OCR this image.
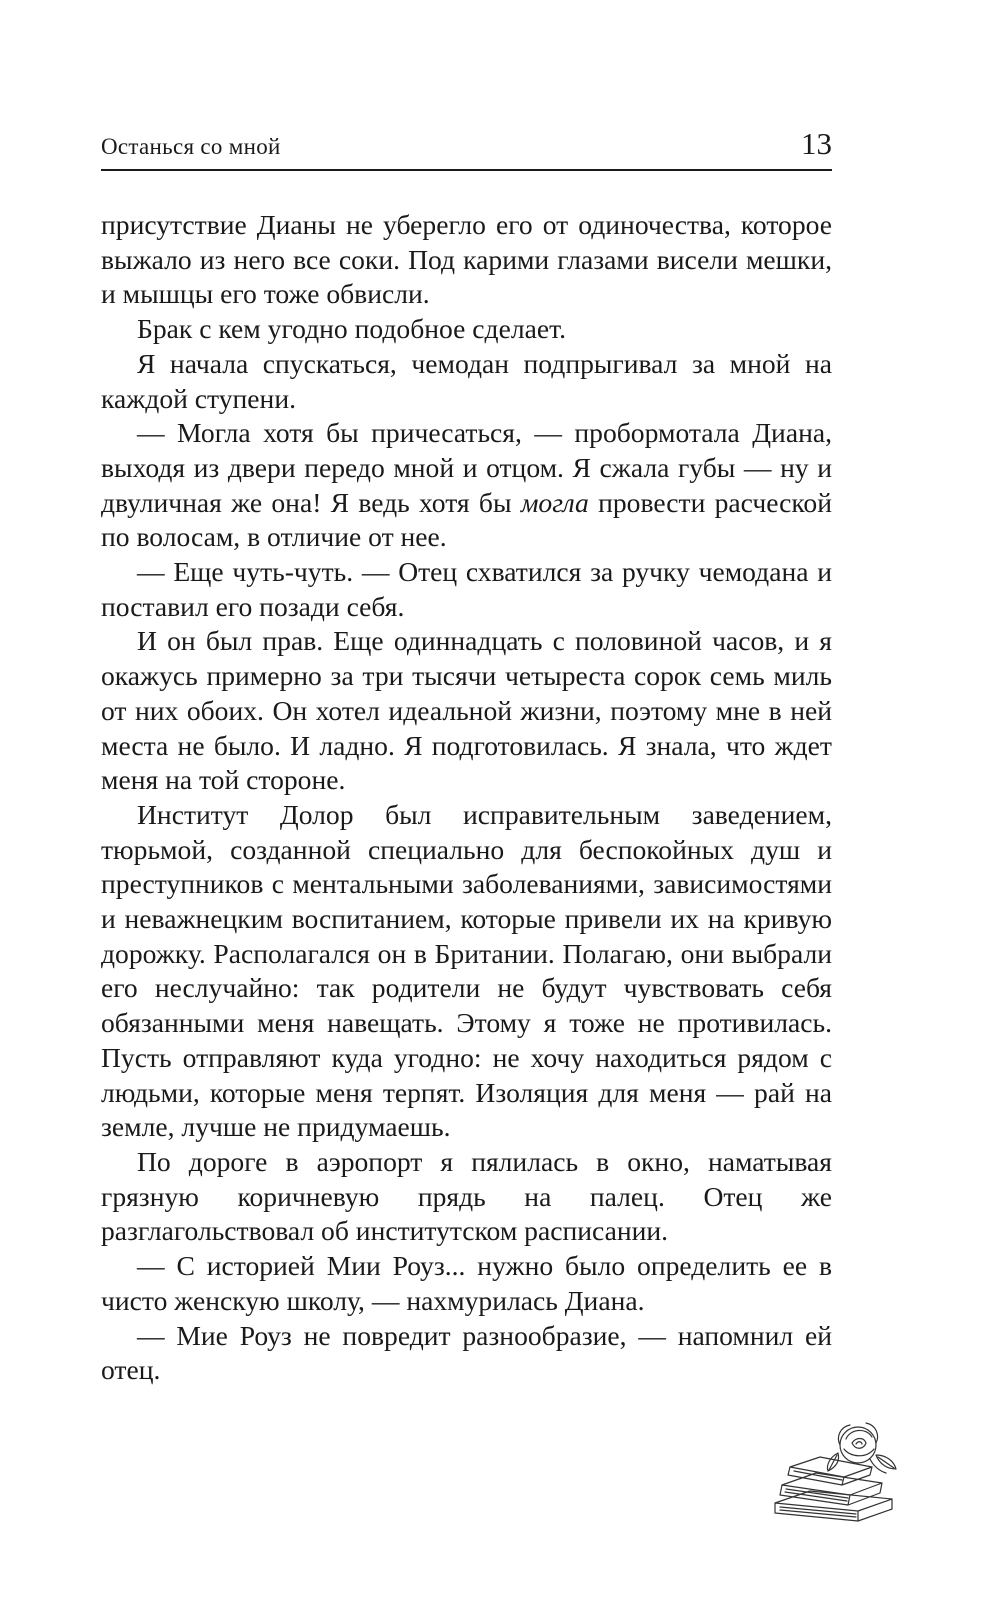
Останься со мной	13

присутствие Дианы не уберегло его от одиночества, которое выжало из него все соки. Под карими глазами висели мешки, и мышцы его тоже обвисли.

Брак с кем угодно подобное сделает.

Я начала спускаться, чемодан подпрыгивал за мной на каждой ступени.

— Могла хотя бы причесаться, — пробормотала Диана, выходя из двери передо мной и отцом. Я сжала губы — ну и двуличная же она! Я ведь хотя бы могла провести расческой по волосам, в отличие от нее.

— Еще чуть-чуть. — Отец схватился за ручку чемодана и поставил его позади себя.

И он был прав. Еще одиннадцать с половиной часов, и я окажусь примерно за три тысячи четыреста сорок семь миль от них обоих. Он хотел идеальной жизни, поэтому мне в ней места не было. И ладно. Я подготовилась. Я знала, что ждет меня на той стороне.

Институт Долор был исправительным заведением, тюрьмой, созданной специально для беспокойных душ и преступников с ментальными заболеваниями, зависимостями и неважнецким воспитанием, которые привели их на кривую дорожку. Располагался он в Британии. Полагаю, они выбрали его неслучайно: так родители не будут чувствовать себя обязанными меня навещать. Этому я тоже не противилась. Пусть отправляют куда угодно: не хочу находиться рядом с людьми, которые меня терпят. Изоляция для меня — рай на земле, лучше не придумаешь.

По дороге в аэропорт я пялилась в окно, наматывая грязную коричневую прядь на палец. Отец же разглагольствовал об институтском расписании.

— С историей Мии Роуз... нужно было определить ее в чисто женскую школу, — нахмурилась Диана.

— Мие Роуз не повредит разнообразие, — напомнил ей отец.
